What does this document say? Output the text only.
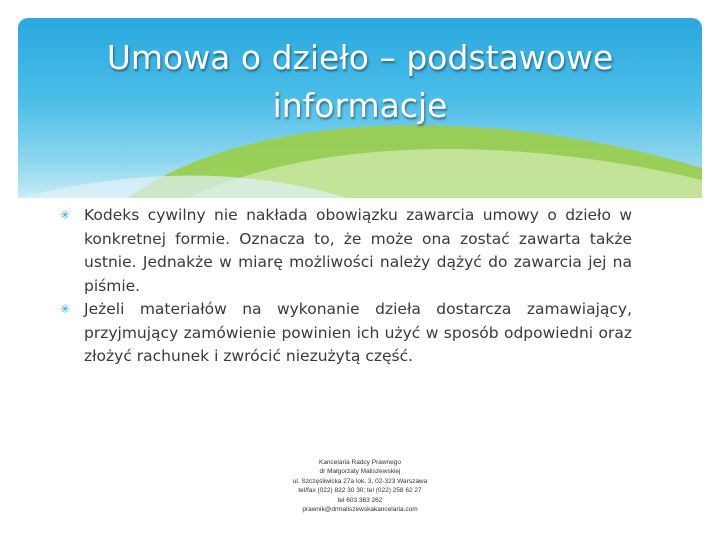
Umowa o dzieło – podstawowe
informacje

✳ Kodeks cywilny nie nakłada obowiązku zawarcia umowy o dzieło w konkretnej formie. Oznacza to, że może ona zostać zawarta także ustnie. Jednakże w miarę możliwości należy dążyć do zawarcia jej na piśmie.

✳ Jeżeli materiałów na wykonanie dzieła dostarcza zamawiający, przyjmujący zamówienie powinien ich użyć w sposób odpowiedni oraz złożyć rachunek i zwrócić niezużytą część.

Kancelaria Radcy Prawnego
dr Małgorzaty Maliszewskiej
ul. Szczęśliwicka 27a lok. 3, 02-323 Warszawa
tel/fax (022) 822 30 30; tel (022) 258 62 27
tel 603 363 262
prawnik@drmaliszewskakancelaria.com
